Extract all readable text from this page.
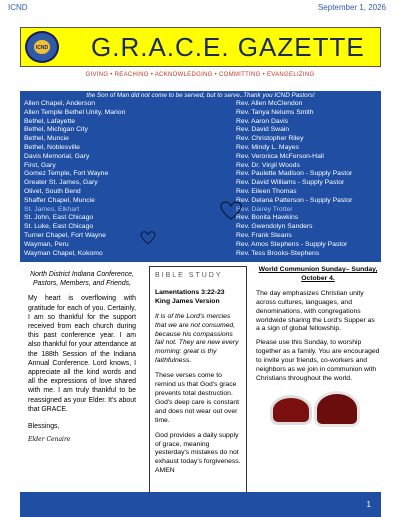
ICND	September 1, 2026
ICND G.R.A.C.E. GAZETTE
GIVING • REACHING • ACKNOWLEDGING • COMMITTING • EVANGELIZING
the Son of Man did not come to be served, but to serve..Thank you ICND Pastors!
Allen Chapel, Anderson	Rev. Allen McClendon
Allen Temple Bethel Unity, Marion	Rev. Tanya Nelums Smith
Bethel, Lafayette	Rev. Aaron Davis
Bethel, Michigan City	Rev. David Swain
Bethel, Muncie	Rev. Christopher Riley
Bethel, Noblesville	Rev. Mindy L. Mayes
Davis Memorial, Gary	Rev. Veronica McFerson-Hall
First, Gary	Rev. Dr. Virgil Woods
Gomez Temple, Fort Wayne	Rev. Paulette Madison - Supply Pastor
Greater St. James, Gary	Rev. David Williams - Supply Pastor
Olivet, South Bend	Rev. Eileen Thomas
Shaffer Chapel, Muncie	Rev. Delana Patterson - Supply Pastor
St. James, Elkhart	Rev. Dairey Trotter
St. John, East Chicago	Rev. Bonita Hawkins
St. Luke, East Chicago	Rev. Gwendolyn Sanders
Turner Chapel, Fort Wayne	Rev. Frank Steans
Wayman, Peru	Rev. Amos Stephens - Supply Pastor
Wayman Chapel, Kokomo	Rev. Tess Brooks-Stephens
North District Indiana Conference, Pastors, Members, and Friends,
My heart is overflowing with gratitude for each of you. Certainly, I am so thankful for the support received from each church during this past conference year. I am also thankful for your attendance at the 188th Session of the Indiana Annual Conference. Lord knows, I appreciate all the kind words and all the expressions of love shared with me. I am truly thankful to be reassigned as your Elder. It's about that GRACE.
Blessings,
Elder Cenaire
BIBLE STUDY
Lamentations 3:22-23 King James Version
It is of the Lord's mercies that we are not consumed, because his compassions fail not. They are new every morning: great is thy faithfulness.

These verses come to remind us that God's grace prevents total destruction. God's deep care is constant and does not wear out over time.

God provides a daily supply of grace, meaning yesterday's mistakes do not exhaust today's forgiveness. AMEN

World Communion Sunday– Sunday, October 4.

The day emphasizes Christian unity across cultures, languages, and denominations, with congregations worldwide sharing the Lord's Supper as a a sign of global fellowship.

Please use this Sunday, to worship together as a family. You are encouraged to invite your friends, co-workers and neighbors as we join in communion with Christians throughout the world.

1
